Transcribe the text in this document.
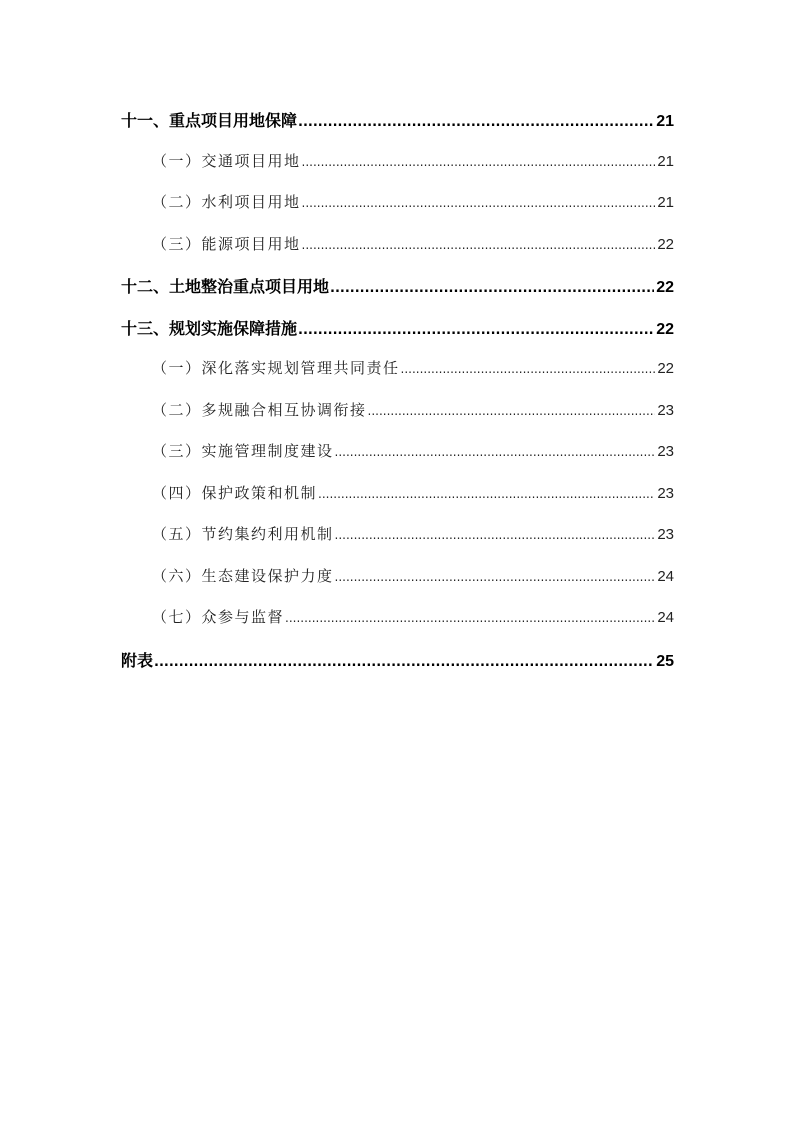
十一、重点项目用地保障 .....	21
（一）交通项目用地 .....	21
（二）水利项目用地 .....	21
（三）能源项目用地 .....	22
十二、土地整治重点项目用地 .....	22
十三、规划实施保障措施 .....	22
（一）深化落实规划管理共同责任 .....	22
（二）多规融合相互协调衔接 .....	23
（三）实施管理制度建设 .....	23
（四）保护政策和机制 .....	23
（五）节约集约利用机制 .....	23
（六）生态建设保护力度 .....	24
（七）众参与监督 .....	24
附表 .....	25
